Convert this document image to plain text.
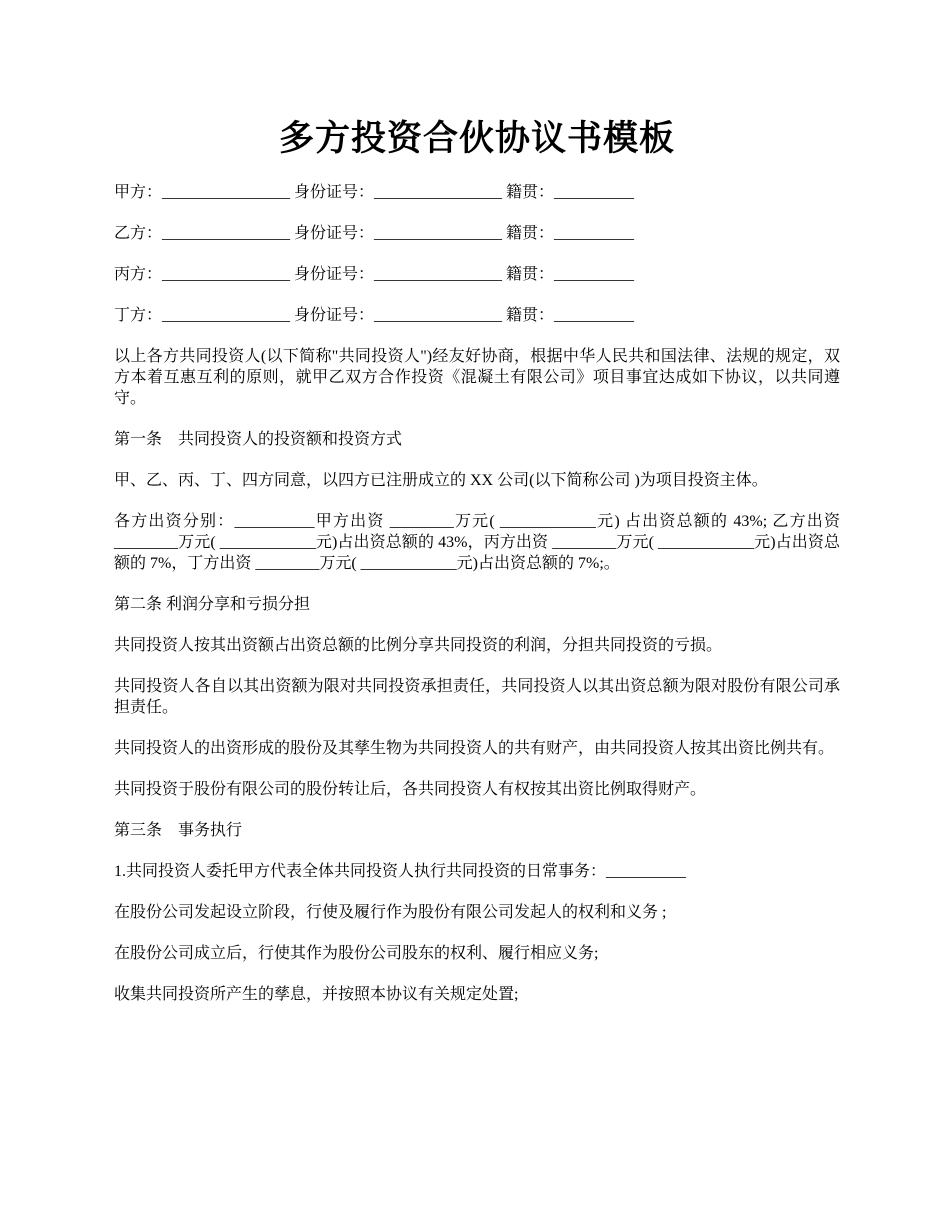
多方投资合伙协议书模板
甲方：________________ 身份证号：________________ 籍贯：__________
乙方：________________ 身份证号：________________ 籍贯：__________
丙方：________________ 身份证号：________________ 籍贯：__________
丁方：________________ 身份证号：________________ 籍贯：__________

以上各方共同投资人(以下简称"共同投资人")经友好协商，根据中华人民共和国法律、法规的规定，双方本着互惠互利的原则，就甲乙双方合作投资《混凝土有限公司》项目事宜达成如下协议，以共同遵守。

第一条　共同投资人的投资额和投资方式

甲、乙、丙、丁、四方同意，以四方已注册成立的 XX 公司(以下简称公司 )为项目投资主体。

各方出资分别：__________甲方出资 ________万元( ____________元) 占出资总额的 43%; 乙方出资 ________万元( ____________元)占出资总额的 43%，丙方出资 ________万元( ____________元)占出资总额的 7%，丁方出资 ________万元( ____________元)占出资总额的 7%;。

第二条 利润分享和亏损分担

共同投资人按其出资额占出资总额的比例分享共同投资的利润，分担共同投资的亏损。

共同投资人各自以其出资额为限对共同投资承担责任，共同投资人以其出资总额为限对股份有限公司承担责任。

共同投资人的出资形成的股份及其孳生物为共同投资人的共有财产，由共同投资人按其出资比例共有。

共同投资于股份有限公司的股份转让后，各共同投资人有权按其出资比例取得财产。

第三条　事务执行

1.共同投资人委托甲方代表全体共同投资人执行共同投资的日常事务：__________

在股份公司发起设立阶段，行使及履行作为股份有限公司发起人的权利和义务 ;

在股份公司成立后，行使其作为股份公司股东的权利、履行相应义务;

收集共同投资所产生的孳息，并按照本协议有关规定处置;
